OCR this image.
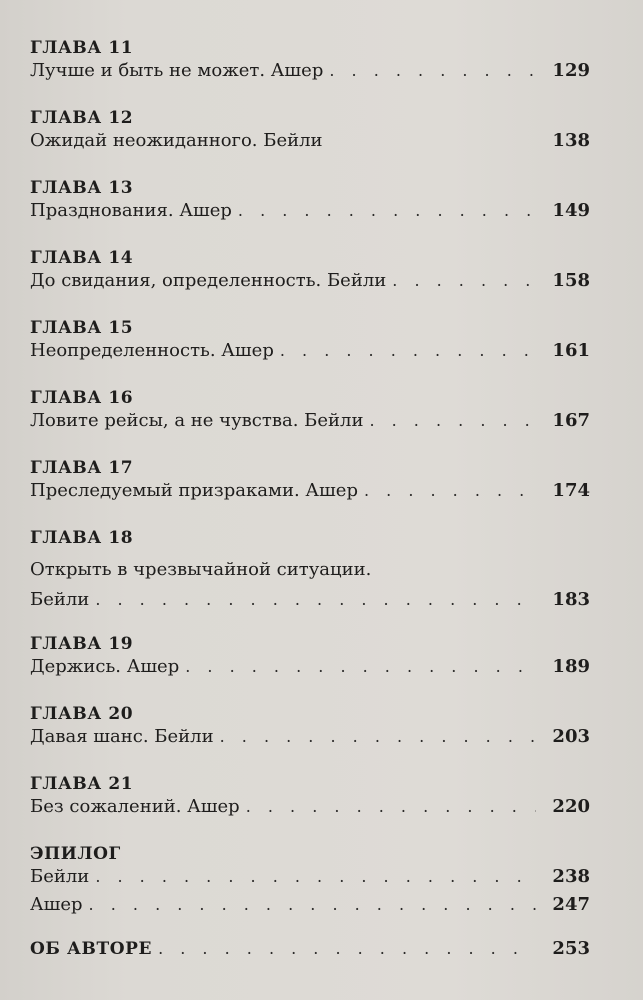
ГЛАВА 11
Лучше и быть не может. Ашер . . .	129
ГЛАВА 12
Ожидай неожиданного. Бейли	138
ГЛАВА 13
Празднования. Ашер . . .	149
ГЛАВА 14
До свидания, определенность. Бейли . . .	158
ГЛАВА 15
Неопределенность. Ашер . . .	161
ГЛАВА 16
Ловите рейсы, а не чувства. Бейли . . .	167
ГЛАВА 17
Преследуемый призраками. Ашер . . .	174
ГЛАВА 18
Открыть в чрезвычайной ситуации.
Бейли . . .	183
ГЛАВА 19
Держись. Ашер . . .	189
ГЛАВА 20
Давая шанс. Бейли . . .	203
ГЛАВА 21
Без сожалений. Ашер . . .	220
ЭПИЛОГ
Бейли . . .	238
Ашер . . .	247
ОБ АВТОРЕ . . .	253
